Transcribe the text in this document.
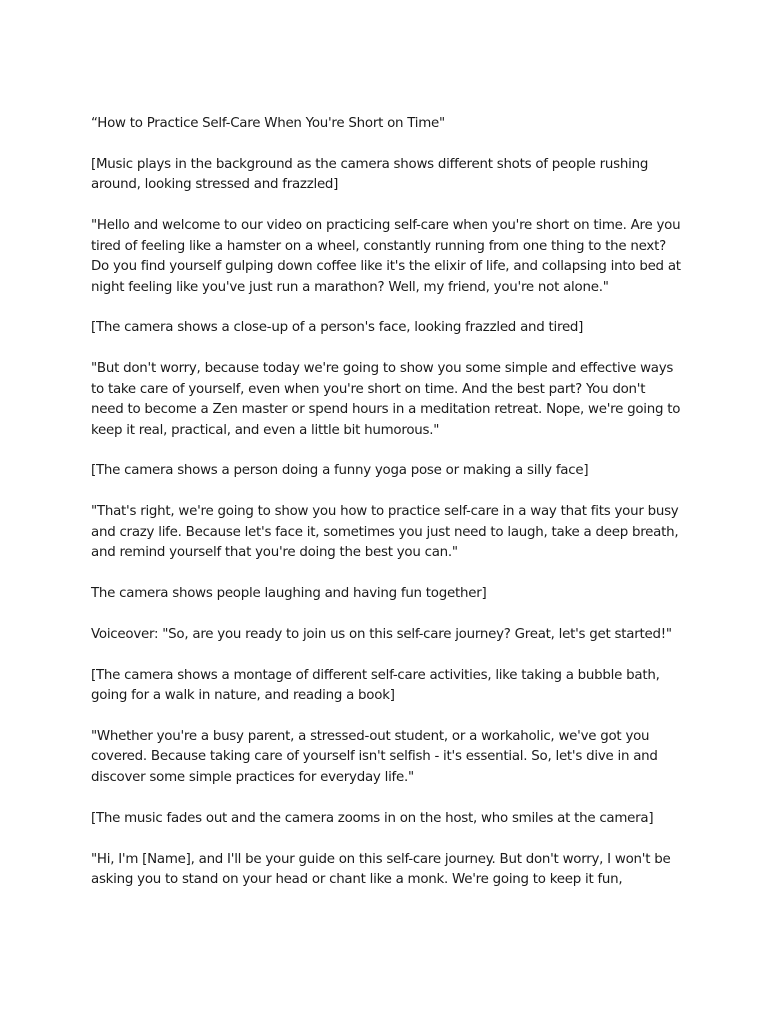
“How to Practice Self-Care When You're Short on Time"

[Music plays in the background as the camera shows different shots of people rushing around, looking stressed and frazzled]

"Hello and welcome to our video on practicing self-care when you're short on time. Are you tired of feeling like a hamster on a wheel, constantly running from one thing to the next? Do you find yourself gulping down coffee like it's the elixir of life, and collapsing into bed at night feeling like you've just run a marathon? Well, my friend, you're not alone."

[The camera shows a close-up of a person's face, looking frazzled and tired]

"But don't worry, because today we're going to show you some simple and effective ways to take care of yourself, even when you're short on time. And the best part? You don't need to become a Zen master or spend hours in a meditation retreat. Nope, we're going to keep it real, practical, and even a little bit humorous."

[The camera shows a person doing a funny yoga pose or making a silly face]

"That's right, we're going to show you how to practice self-care in a way that fits your busy and crazy life. Because let's face it, sometimes you just need to laugh, take a deep breath, and remind yourself that you're doing the best you can."

The camera shows people laughing and having fun together]

Voiceover: "So, are you ready to join us on this self-care journey? Great, let's get started!"

[The camera shows a montage of different self-care activities, like taking a bubble bath, going for a walk in nature, and reading a book]

"Whether you're a busy parent, a stressed-out student, or a workaholic, we've got you covered. Because taking care of yourself isn't selfish - it's essential. So, let's dive in and discover some simple practices for everyday life."

[The music fades out and the camera zooms in on the host, who smiles at the camera]

"Hi, I'm [Name], and I'll be your guide on this self-care journey. But don't worry, I won't be asking you to stand on your head or chant like a monk. We're going to keep it fun,
